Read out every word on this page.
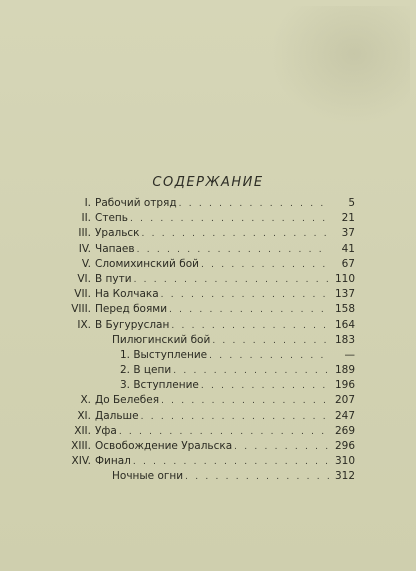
СОДЕРЖАНИЕ
I. Рабочий отряд . . .	5
II. Степь . . .	21
III. Уральск . . .	37
IV. Чапаев . . .	41
V. Сломихинский бой . . .	67
VI. В пути . . .	110
VII. На Колчака . . .	137
VIII. Перед боями . . .	158
IX. В Бугуруслан . . .	164
Пилюгинский бой . . .	183
1. Выступление . . .	—
2. В цепи . . .	189
3. Вступление . . .	196
X. До Белебея . . .	207
XI. Дальше . . .	247
XII. Уфа . . .	269
XIII. Освобождение Уральска . . .	296
XIV. Финал . . .	310
Ночные огни . . .	312
